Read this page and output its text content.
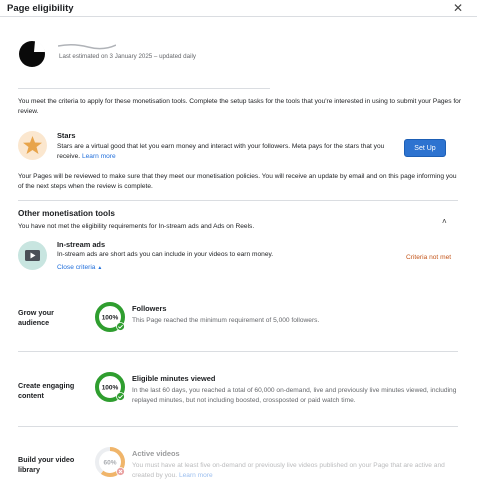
Page eligibility	✕
Last estimated on 3 January 2025 – updated daily
You meet the criteria to apply for these monetisation tools. Complete the setup tasks for the tools that you're interested in using to submit your Pages for review.
Stars
Stars are a virtual good that let you earn money and interact with your followers. Meta pays for the stars that you receive. Learn more
Set Up
Your Pages will be reviewed to make sure that they meet our monetisation policies. You will receive an update by email and on this page informing you of the next steps when the review is complete.
Other monetisation tools
˄
You have not met the eligibility requirements for In-stream ads and Ads on Reels.
In-stream ads
In-stream ads are short ads you can include in your videos to earn money.
Close criteria ▲
Criteria not met
Grow your audience	100%
Followers
This Page reached the minimum requirement of 5,000 followers.
Create engaging content
100%
Eligible minutes viewed
In the last 60 days, you reached a total of 60,000 on-demand, live and previously live minutes viewed, including replayed minutes, but not including boosted, crossposted or paid watch time.
Build your video library
60%
Active videos
You must have at least five on-demand or previously live videos published on your Page that are active and created by you. Learn more
